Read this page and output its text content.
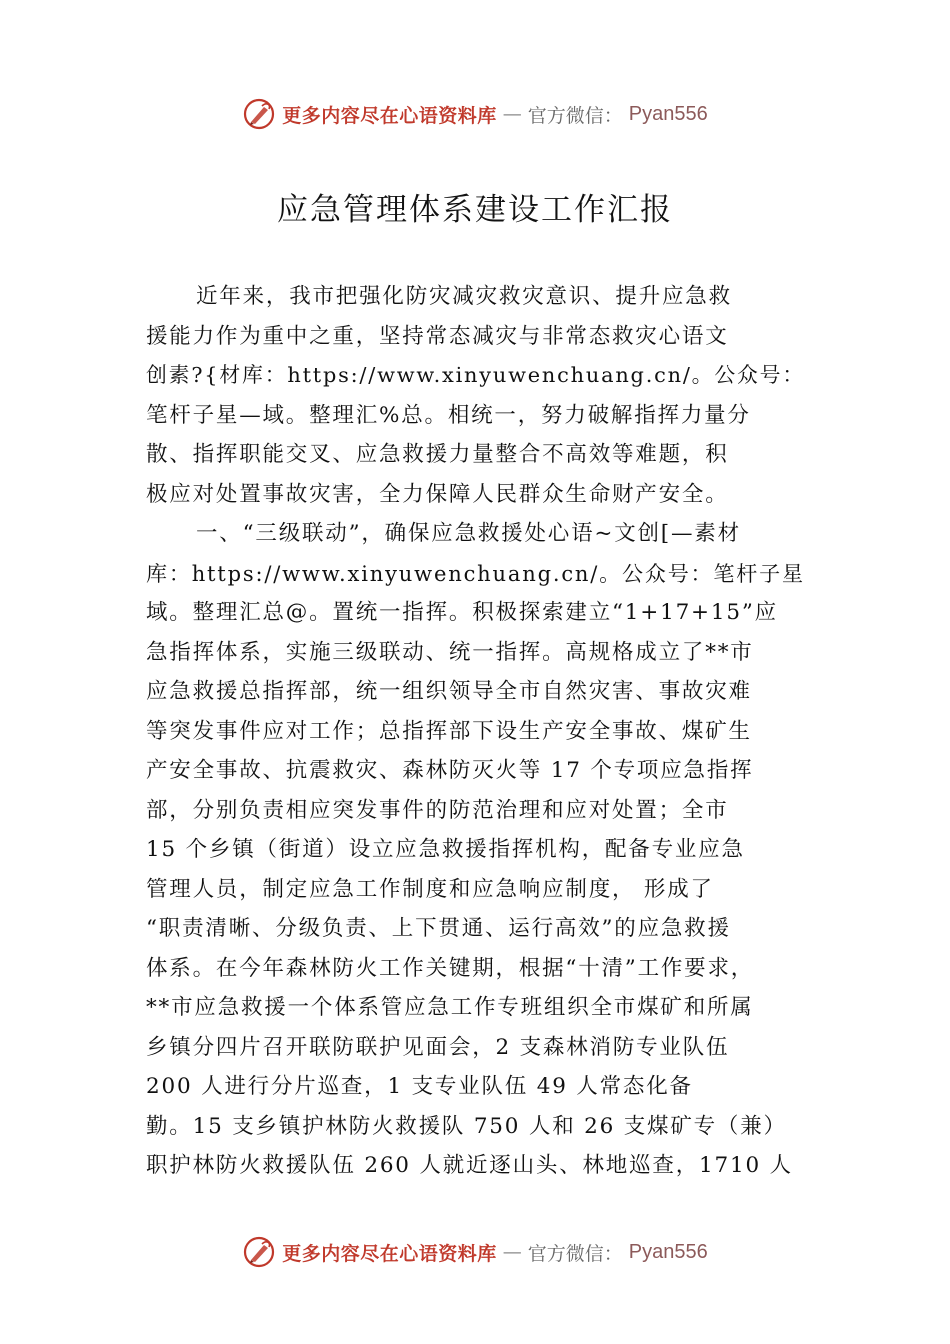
更多内容尽在心语资料库 — 官方微信： Pyan556
应急管理体系建设工作汇报
近年来，我市把强化防灾减灾救灾意识、提升应急救
援能力作为重中之重，坚持常态减灾与非常态救灾心语文
创素?{材库：https://www.xinyuwenchuang.cn/。公众号：
笔杆子星—域。整理汇%总。相统一，努力破解指挥力量分
散、指挥职能交叉、应急救援力量整合不高效等难题，积
极应对处置事故灾害，全力保障人民群众生命财产安全。
一、“三级联动”，确保应急救援处心语~文创[—素材
库：https://www.xinyuwenchuang.cn/。公众号：笔杆子星
域。整理汇总@。置统一指挥。积极探索建立“1+17+15”应
急指挥体系，实施三级联动、统一指挥。高规格成立了**市
应急救援总指挥部，统一组织领导全市自然灾害、事故灾难
等突发事件应对工作；总指挥部下设生产安全事故、煤矿生
产安全事故、抗震救灾、森林防灭火等 17 个专项应急指挥
部，分别负责相应突发事件的防范治理和应对处置；全市
15 个乡镇（街道）设立应急救援指挥机构，配备专业应急
管理人员，制定应急工作制度和应急响应制度， 形成了
“职责清晰、分级负责、上下贯通、运行高效”的应急救援
体系。在今年森林防火工作关键期，根据“十清”工作要求，
**市应急救援一个体系管应急工作专班组织全市煤矿和所属
乡镇分四片召开联防联护见面会，2 支森林消防专业队伍
200 人进行分片巡查，1 支专业队伍 49 人常态化备
勤。15 支乡镇护林防火救援队 750 人和 26 支煤矿专（兼）
职护林防火救援队伍 260 人就近逐山头、林地巡查，1710 人
更多内容尽在心语资料库 — 官方微信： Pyan556
